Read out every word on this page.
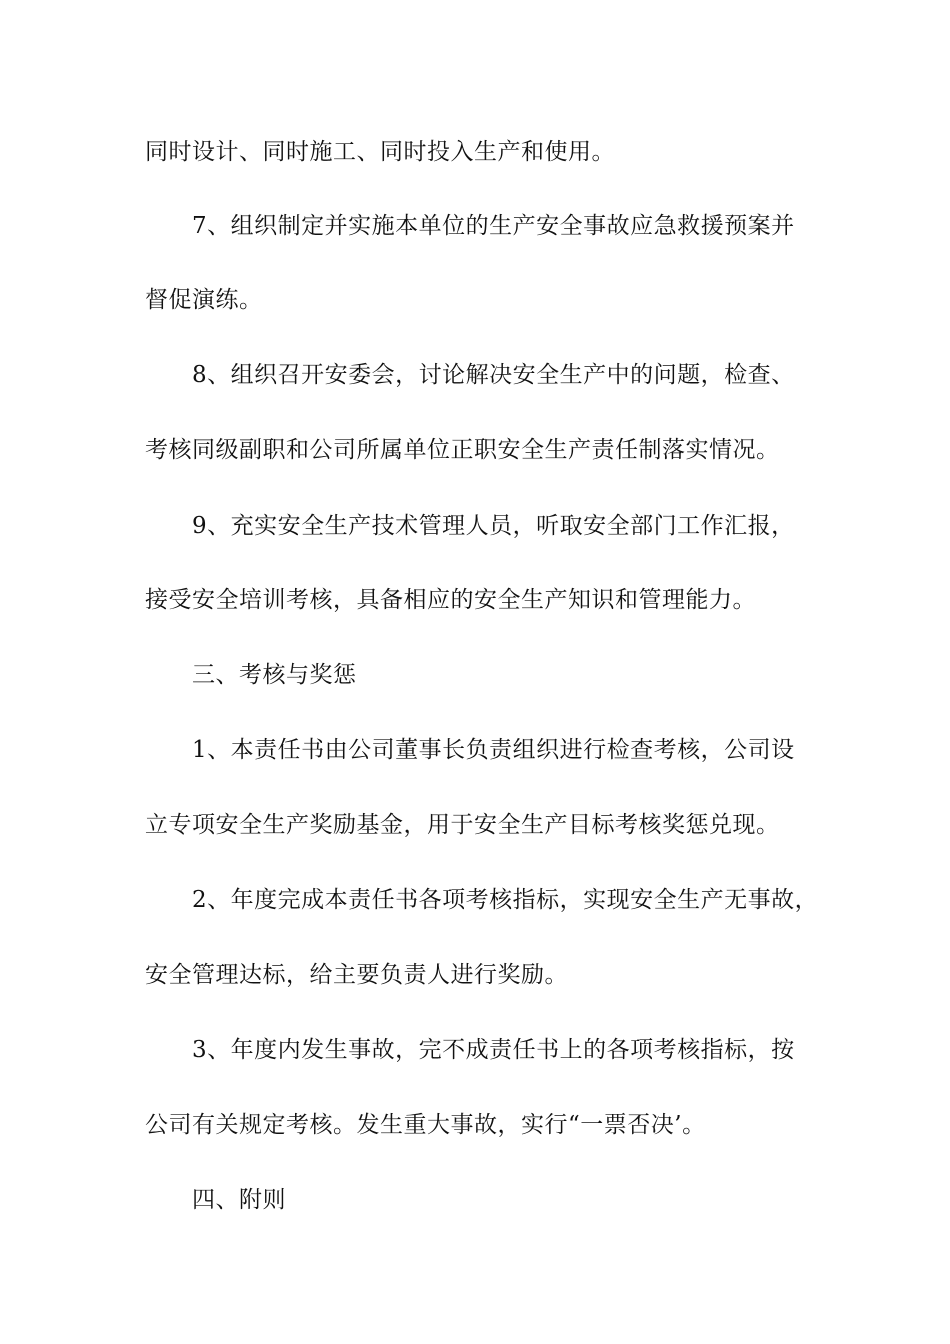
同时设计、同时施工、同时投入生产和使用。
7、组织制定并实施本单位的生产安全事故应急救援预案并
督促演练。
8、组织召开安委会，讨论解决安全生产中的问题，检查、
考核同级副职和公司所属单位正职安全生产责任制落实情况。
9、充实安全生产技术管理人员，听取安全部门工作汇报，
接受安全培训考核，具备相应的安全生产知识和管理能力。
三、考核与奖惩
1、本责任书由公司董事长负责组织进行检查考核，公司设
立专项安全生产奖励基金，用于安全生产目标考核奖惩兑现。
2、年度完成本责任书各项考核指标，实现安全生产无事故，
安全管理达标，给主要负责人进行奖励。
3、年度内发生事故，完不成责任书上的各项考核指标，按
公司有关规定考核。发生重大事故，实行“一票否决’。
四、附则
